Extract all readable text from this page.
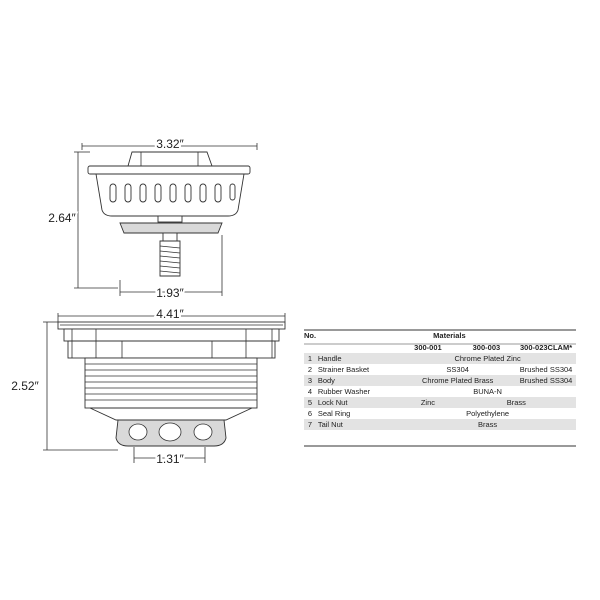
3.32″
2.64″
1.93″
4.41″
2.52″
1.31″
No.		Materials		
		300-001	300-003	300-023CLAM*
1	Handle	Chrome Plated Zinc		
2	Strainer Basket	SS304		Brushed SS304
3	Body	Chrome Plated Brass		Brushed SS304
4	Rubber Washer	BUNA-N		
5	Lock Nut	Zinc	Brass	
6	Seal Ring	Polyethylene		
7	Tail Nut	Brass		
